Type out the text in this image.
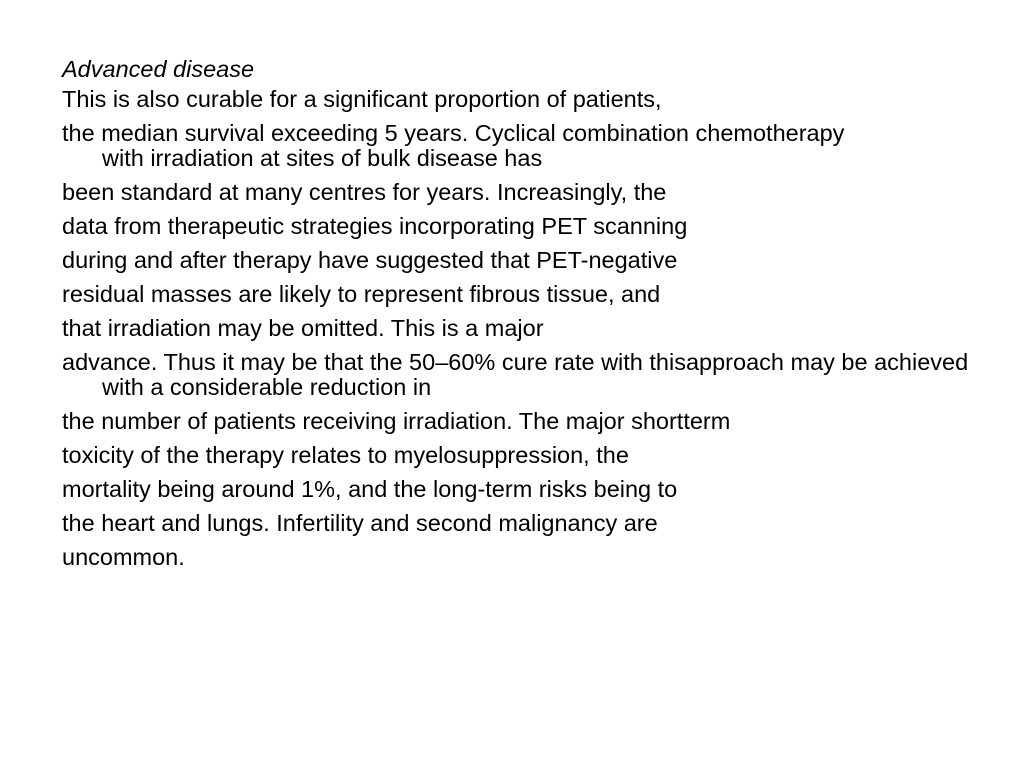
Advanced disease
This is also curable for a significant proportion of patients,
the median survival exceeding 5 years. Cyclical combination chemotherapy with irradiation at sites of bulk disease has
been standard at many centres for years. Increasingly, the
data from therapeutic strategies incorporating PET scanning
during and after therapy have suggested that PET-negative
residual masses are likely to represent fibrous tissue, and
that irradiation may be omitted. This is a major
advance. Thus it may be that the 50–60% cure rate with thisapproach may be achieved with a considerable reduction in
the number of patients receiving irradiation. The major shortterm
toxicity of the therapy relates to myelosuppression, the
mortality being around 1%, and the long-term risks being to
the heart and lungs. Infertility and second malignancy are
uncommon.
